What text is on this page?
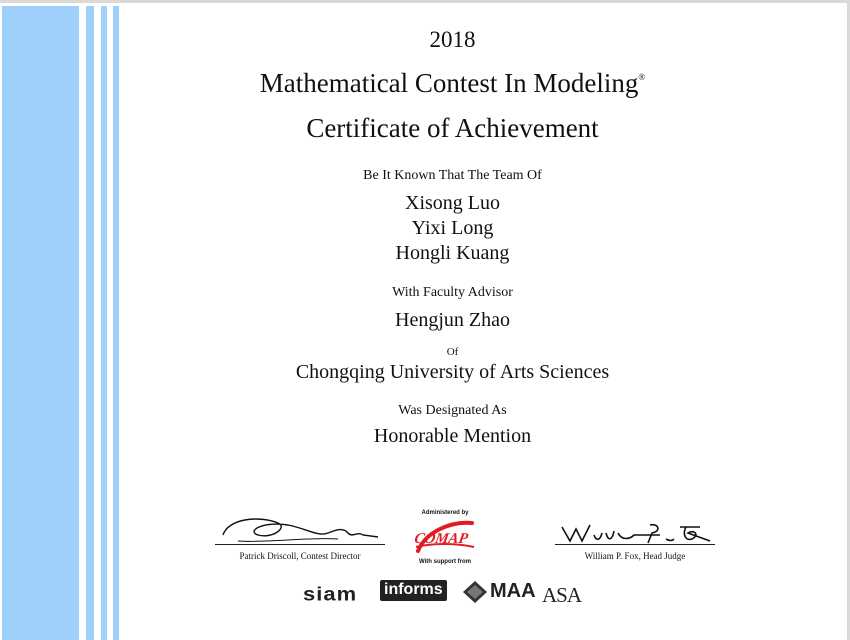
2018
Mathematical Contest In Modeling®
Certificate of Achievement
Be It Known That The Team Of
Xisong Luo
Yixi Long
Hongli Kuang
With Faculty Advisor
Hengjun Zhao
Of
Chongqing University of Arts Sciences
Was Designated As
Honorable Mention
Patrick Driscoll, Contest Director
Administered by
COMAP
With support from
William P. Fox, Head Judge
siam informs MAA ASA
